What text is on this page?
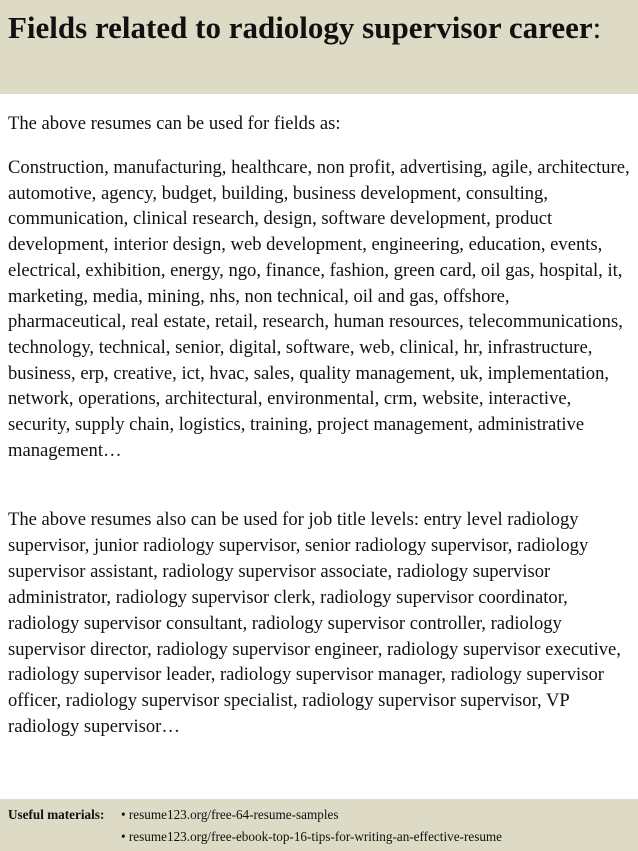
Fields related to radiology supervisor career:

The above resumes can be used for fields as:

Construction, manufacturing, healthcare, non profit, advertising, agile, architecture, automotive, agency, budget, building, business development, consulting, communication, clinical research, design, software development, product development, interior design, web development, engineering, education, events, electrical, exhibition, energy, ngo, finance, fashion, green card, oil gas, hospital, it, marketing, media, mining, nhs, non technical, oil and gas, offshore, pharmaceutical, real estate, retail, research, human resources, telecommunications, technology, technical, senior, digital, software, web, clinical, hr, infrastructure, business, erp, creative, ict, hvac, sales, quality management, uk, implementation, network, operations, architectural, environmental, crm, website, interactive, security, supply chain, logistics, training, project management, administrative management…

The above resumes also can be used for job title levels: entry level radiology supervisor, junior radiology supervisor, senior radiology supervisor, radiology supervisor assistant, radiology supervisor associate, radiology supervisor administrator, radiology supervisor clerk, radiology supervisor coordinator, radiology supervisor consultant, radiology supervisor controller, radiology supervisor director, radiology supervisor engineer, radiology supervisor executive, radiology supervisor leader, radiology supervisor manager, radiology supervisor officer, radiology supervisor specialist, radiology supervisor supervisor, VP radiology supervisor…

Useful materials: • resume123.org/free-64-resume-samples
• resume123.org/free-ebook-top-16-tips-for-writing-an-effective-resume
